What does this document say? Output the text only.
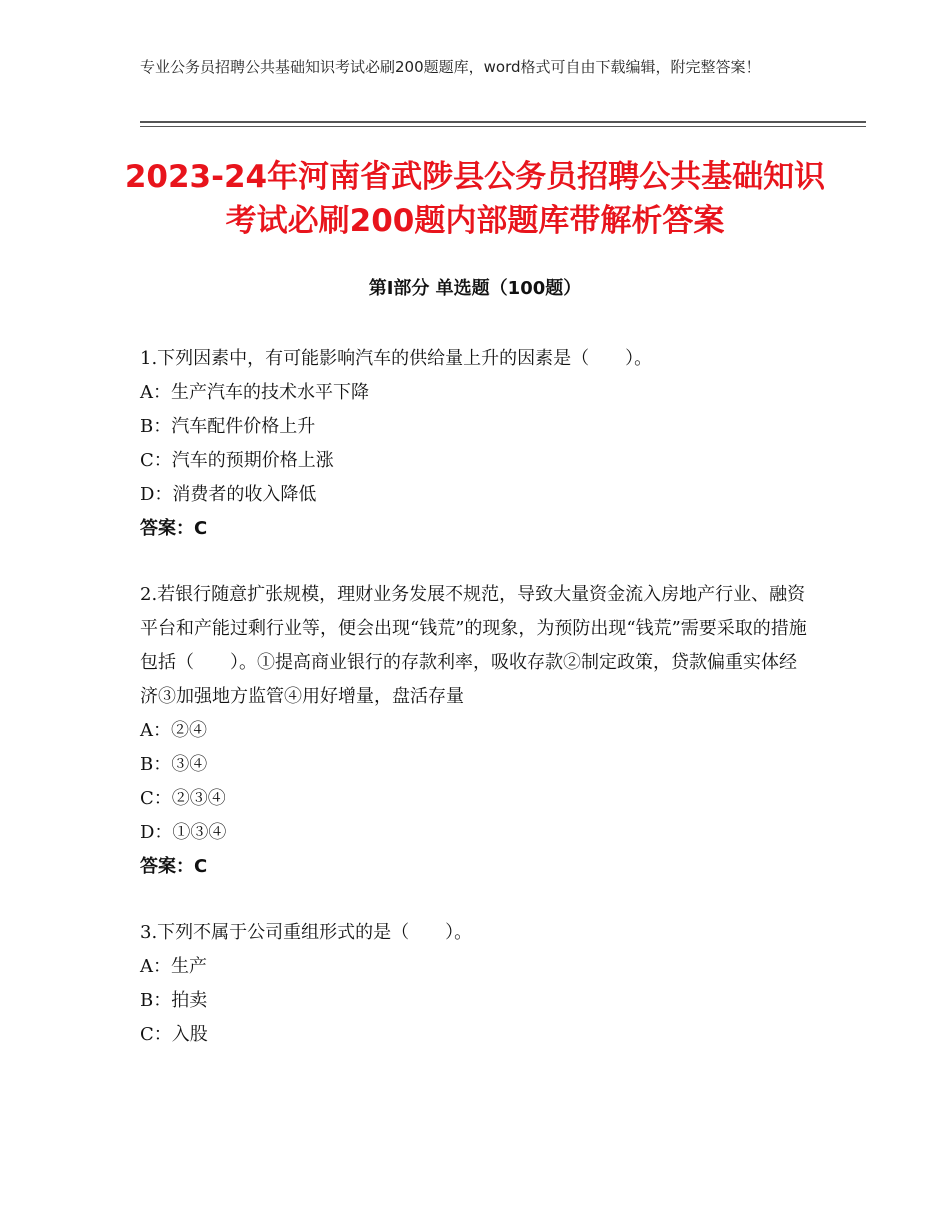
专业公务员招聘公共基础知识考试必刷200题题库，word格式可自由下载编辑，附完整答案！
2023-24年河南省武陟县公务员招聘公共基础知识考试必刷200题内部题库带解析答案
第Ⅰ部分 单选题（100题）
1.下列因素中，有可能影响汽车的供给量上升的因素是（　　）。
A：生产汽车的技术水平下降
B：汽车配件价格上升
C：汽车的预期价格上涨
D：消费者的收入降低
答案：C
2.若银行随意扩张规模，理财业务发展不规范，导致大量资金流入房地产行业、融资平台和产能过剩行业等，便会出现“钱荒”的现象，为预防出现“钱荒”需要采取的措施包括（　　）。①提高商业银行的存款利率，吸收存款②制定政策，贷款偏重实体经济③加强地方监管④用好增量，盘活存量
A：②④
B：③④
C：②③④
D：①③④
答案：C
3.下列不属于公司重组形式的是（　　）。
A：生产
B：拍卖
C：入股
